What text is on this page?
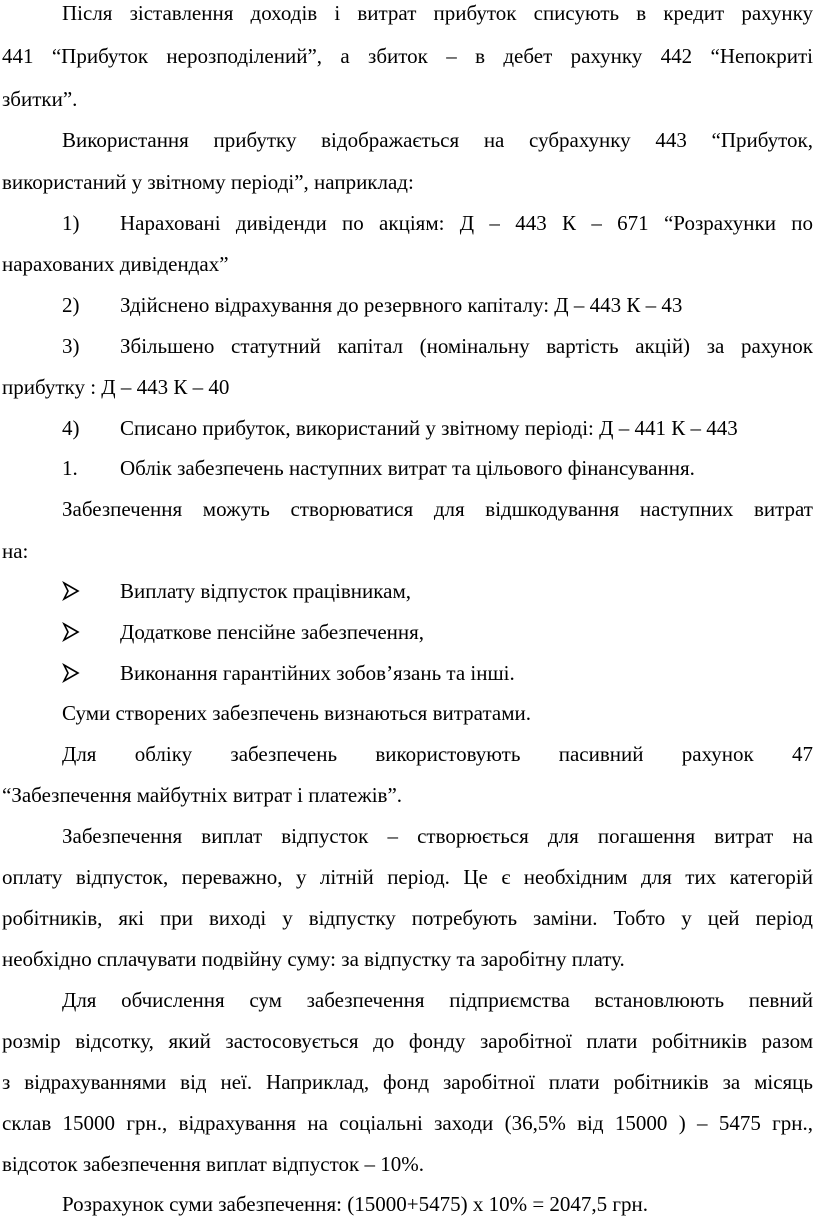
Після зіставлення доходів і витрат прибуток списують в кредит рахунку
441 “Прибуток нерозподілений”, а збиток – в дебет рахунку 442 “Непокриті
збитки”.
Використання прибутку відображається на субрахунку 443 “Прибуток,
використаний у звітному періоді”, наприклад:
1) Нараховані дивіденди по акціям: Д – 443 К – 671 “Розрахунки по
нарахованих дивідендах”
2) Здійснено відрахування до резервного капіталу: Д – 443 К – 43
3) Збільшено статутний капітал (номінальну вартість акцій) за рахунок
прибутку : Д – 443 К – 40
4) Списано прибуток, використаний у звітному періоді: Д – 441 К – 443
1. Облік забезпечень наступних витрат та цільового фінансування.
Забезпечення можуть створюватися для відшкодування наступних витрат
на:
Виплату відпусток працівникам,
Додаткове пенсійне забезпечення,
Виконання гарантійних зобов’язань та інші.
Суми створених забезпечень визнаються витратами.
Для обліку забезпечень використовують пасивний рахунок 47
“Забезпечення майбутніх витрат і платежів”.
Забезпечення виплат відпусток – створюється для погашення витрат на
оплату відпусток, переважно, у літній період. Це є необхідним для тих категорій
робітників, які при виході у відпустку потребують заміни. Тобто у цей період
необхідно сплачувати подвійну суму: за відпустку та заробітну плату.
Для обчислення сум забезпечення підприємства встановлюють певний
розмір відсотку, який застосовується до фонду заробітної плати робітників разом
з відрахуваннями від неї. Наприклад, фонд заробітної плати робітників за місяць
склав 15000 грн., відрахування на соціальні заходи (36,5% від 15000 ) – 5475 грн.,
відсоток забезпечення виплат відпусток – 10%.
Розрахунок суми забезпечення: (15000+5475) х 10% = 2047,5 грн.
